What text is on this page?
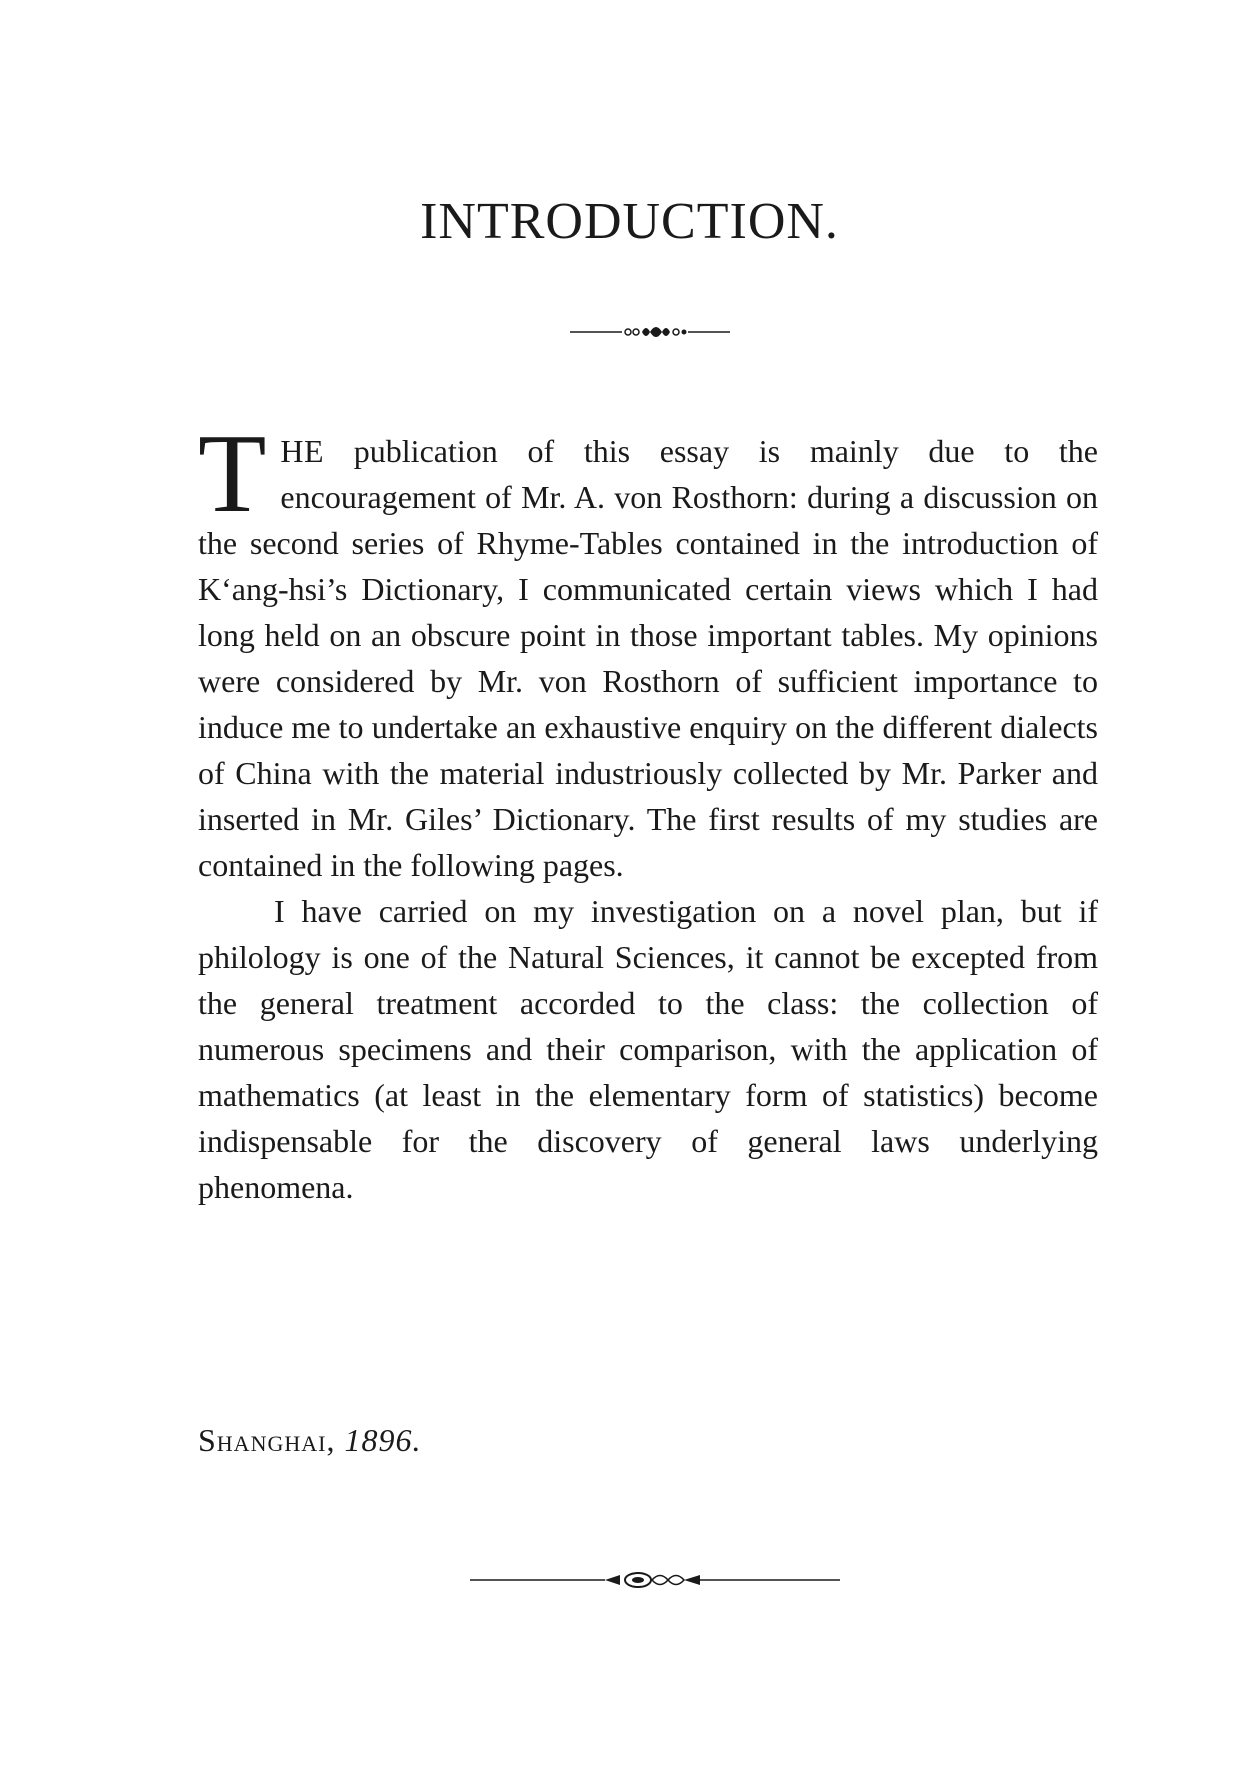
INTRODUCTION.

THE publication of this essay is mainly due to the encouragement of Mr. A. von Rosthorn: during a discussion on the second series of Rhyme-Tables contained in the introduction of K‘ang-hsi’s Dictionary, I communicated certain views which I had long held on an obscure point in those important tables. My opinions were considered by Mr. von Rosthorn of sufficient importance to induce me to undertake an exhaustive enquiry on the different dialects of China with the material industriously collected by Mr. Parker and inserted in Mr. Giles’ Dictionary. The first results of my studies are contained in the following pages.

I have carried on my investigation on a novel plan, but if philology is one of the Natural Sciences, it cannot be excepted from the general treatment accorded to the class: the collection of numerous specimens and their comparison, with the application of mathematics (at least in the elementary form of statistics) become indispensable for the discovery of general laws underlying phenomena.

Shanghai, 1896.
